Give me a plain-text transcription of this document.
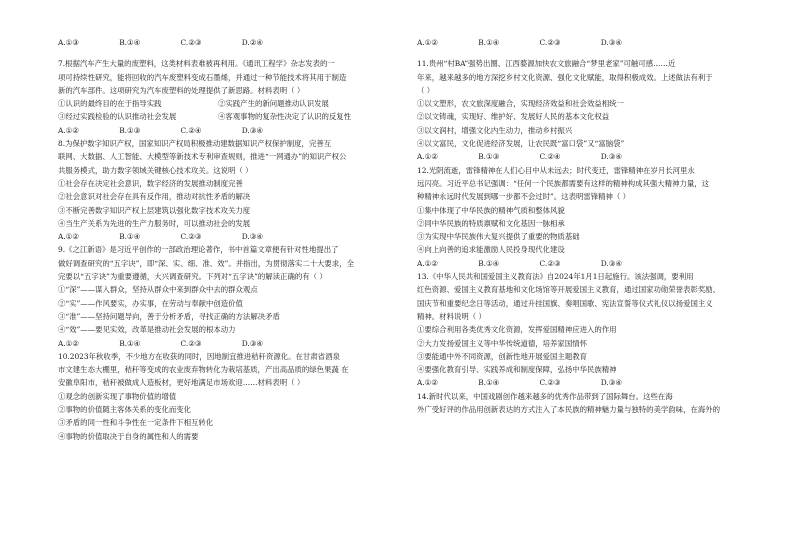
A.①③	B.①④	C.②③	D.②④

7.根据汽车产生大量的废塑料，这类材料表难被再利用。《通讯工程学》杂志发表的一

项可持续性研究，能将回收的汽车废塑料变成石墨烯，并通过一种节能技术将其用于制造

新的汽车部件。这项研究为汽车废塑料的处理提供了新思路。材料表明（ ）

①认识的最终目的在于指导实践	②实践产生的新问题推动认识发展
③经过实践检验的认识推动社会发展	④客观事物的复杂性决定了认识的反复性
A.①②	B.①③	C.②④	D.③④

8.为保护数字知识产权，国家知识产权局积极推动建数据知识产权保护制度，完善互

联网、大数据、人工智能、大模型等新技术专利审查规则，推进“一网通办”的知识产权公

共服务模式，助力数字领域关键核心技术攻关。这说明（ ）

①社会存在决定社会意识，数字经济的发展推动制度完善

②社会意识对社会存在具有反作用，推动对抗性矛盾的解决

③不断完善数字知识产权上层建筑以强化数字技术攻关力度

④当生产关系为先进的生产力服务时，可以推动社会的发展

A.①②	B.①④	C.②③	D.③④

9.《之江新语》是习近平创作的一部政治理论著作，书中首篇文章便有针对性地提出了

做好调查研究的“五字诀”，即“深、实、细、准、效”。并指出，为贯彻落实二十大要求，全

完要以“五字诀”为重要遵循，大兴调查研究。下列对“五字诀”的解读正确的有（ ）

①“深”——谋入群众，坚持从群众中来到群众中去的群众观点

②“实”——作风要实，办实事，在劳动与奉献中创造价值

③“准”——坚持问题导向，善于分析矛盾，寻找正确的方法解决矛盾

④“效”——要见实效，改革是推动社会发展的根本动力

A.①②	B.①④	C.②③	D.③④

10.2023年秋收季，不少地方在收获的同时，因地制宜推进秸秆资源化。在甘肃省酒泉

市文建生态大棚里，秸秆等变成的农业废弃物转化为栽培基质，产出高品质的绿色果蔬 在

安徽阜阳市，秸秆被做成人造板材，更好地满足市场欢迎……材料表明（ ）

①观念的创新实现了事物价值的增值

②事物的价值随主客体关系的变化而变化

③矛盾的同一性和斗争性在一定条件下相互转化

④事物的价值取决于自身的属性和人的需要

A.①②	B.①④	C.②③	D.③④

11.贵州“村BA”强势出圈、江西婺源加快农文旅融合“梦里老家”可触可感……近

年来，越来越多的地方深挖乡村文化资源、强化文化赋能，取得积极成效。上述做法有利于

（ ）

①以文塑形，农文旅深度融合，实现经济效益和社会效益相统一

②以文铸魂，实现好、维护好、发展好人民的基本文化权益

③以文润村，增强文化内生动力，推动乡村振兴

④以文富民，文化促进经济发展，让农民既“富口袋”又“富脑袋”

A.①②	B.①③	C.②④	D.③④

12.光阴流逝，雷锋精神在人们心目中从未远去；时代变迁，雷锋精神在岁月长河里永

远闪亮。习近平总书记强调：“任何一个民族都需要有这样的精神构成其强大精神力量，这

种精神永远时代发展到哪一步都不会过时”。这表明雷锋精神（ ）

①集中体现了中华民族的精神气质和整体风貌

②同中华民族的特质禀赋和文化基因一脉相承

③为实现中华民族伟大复兴提供了重要的物质基础

④向上向善的追求能激励人民投身现代化建设

A.①②	B.①④	C.②③	D.③④

13.《中华人民共和国爱国主义教育法》自2024年1月1日起施行。该法强调，要利用

红色资源、爱国主义教育基地和文化场馆等开展爱国主义教育，通过国家功勋荣誉表彰奖励、

国庆节和重要纪念日等活动，通过升挂国旗、奏唱国歌、宪法宣誓等仪式礼仪以扬爱国主义

精神。材料说明（ ）

①要综合利用各类优秀文化资源，发挥爱国精神应进入的作用

②大力发扬爱国主义等中华传统道德，培养家国情怀

③要能通中外不同资源，创新性地开展爱国主题教育

④要强化教育引导、实践养成和制度保障，弘扬中华民族精神

A.①②	B.①④	C.②③	D.③④

14.新时代以来，中国戏剧创作越来越多的优秀作品带到了国际舞台。这些在海

外广受好评的作品用创新表达的方式注入了本民族的精神魅力量与独特的美学韵味，在海外的
